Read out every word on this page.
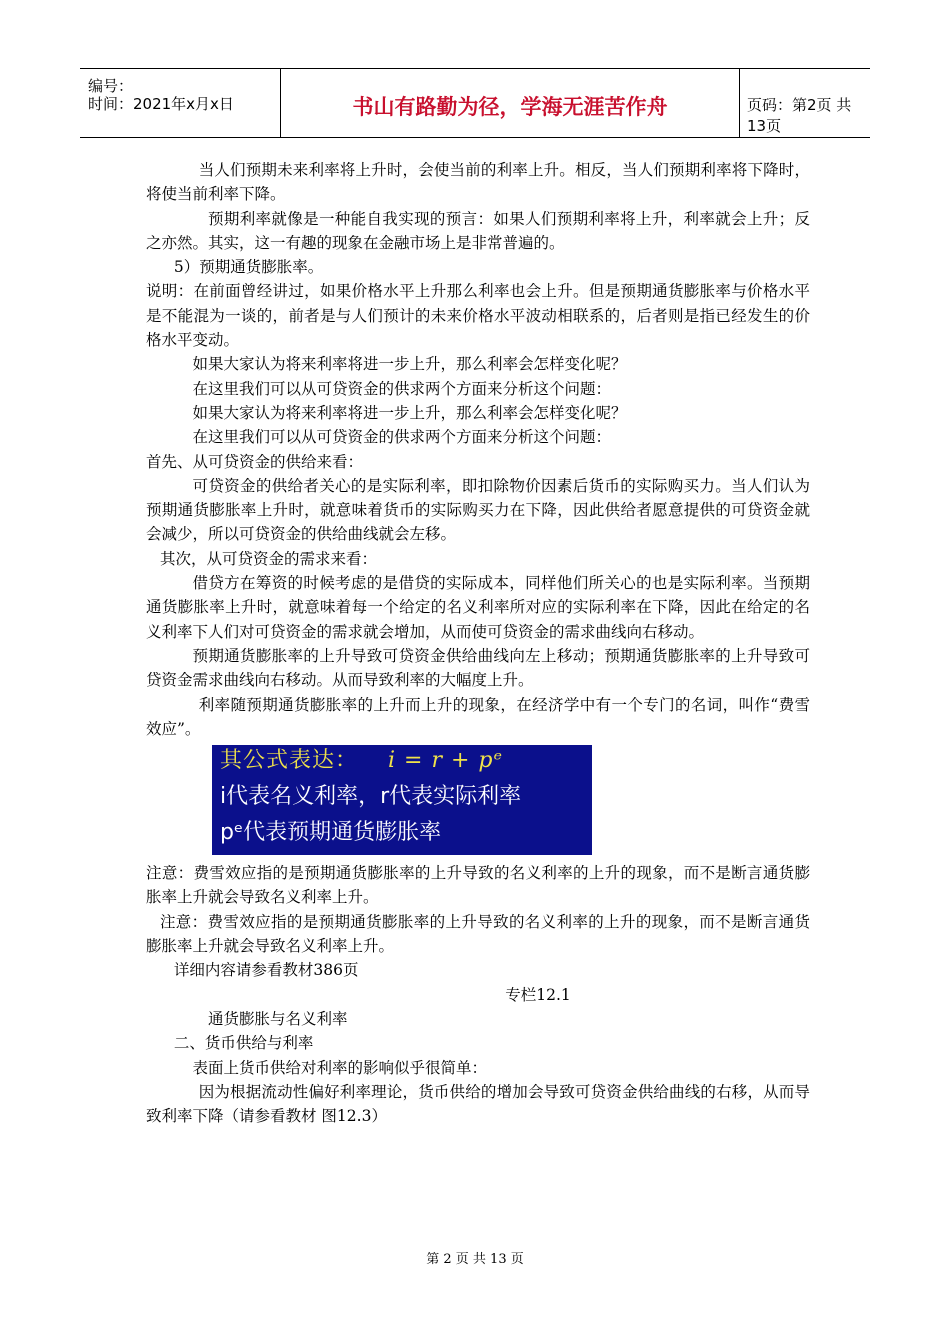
编号：
时间：2021年x月x日	书山有路勤为径，学海无涯苦作舟	页码：第2页 共13页

当人们预期未来利率将上升时，会使当前的利率上升。相反，当人们预期利率将下降时，将使当前利率下降。

预期利率就像是一种能自我实现的预言：如果人们预期利率将上升，利率就会上升；反之亦然。其实，这一有趣的现象在金融市场上是非常普遍的。

5）预期通货膨胀率。

说明：在前面曾经讲过，如果价格水平上升那么利率也会上升。但是预期通货膨胀率与价格水平是不能混为一谈的，前者是与人们预计的未来价格水平波动相联系的，后者则是指已经发生的价格水平变动。

如果大家认为将来利率将进一步上升，那么利率会怎样变化呢？

在这里我们可以从可贷资金的供求两个方面来分析这个问题：

如果大家认为将来利率将进一步上升，那么利率会怎样变化呢？

在这里我们可以从可贷资金的供求两个方面来分析这个问题：

首先、从可贷资金的供给来看：

可贷资金的供给者关心的是实际利率，即扣除物价因素后货币的实际购买力。当人们认为预期通货膨胀率上升时，就意味着货币的实际购买力在下降，因此供给者愿意提供的可贷资金就会减少，所以可贷资金的供给曲线就会左移。

其次，从可贷资金的需求来看：

借贷方在筹资的时候考虑的是借贷的实际成本，同样他们所关心的也是实际利率。当预期通货膨胀率上升时，就意味着每一个给定的名义利率所对应的实际利率在下降，因此在给定的名义利率下人们对可贷资金的需求就会增加，从而使可贷资金的需求曲线向右移动。

预期通货膨胀率的上升导致可贷资金供给曲线向左上移动；预期通货膨胀率的上升导致可贷资金需求曲线向右移动。从而导致利率的大幅度上升。

利率随预期通货膨胀率的上升而上升的现象，在经济学中有一个专门的名词，叫作“费雪效应”。

其公式表达： i = r + pᵉ
i代表名义利率，r代表实际利率
pᵉ代表预期通货膨胀率

注意：费雪效应指的是预期通货膨胀率的上升导致的名义利率的上升的现象，而不是断言通货膨胀率上升就会导致名义利率上升。

注意：费雪效应指的是预期通货膨胀率的上升导致的名义利率的上升的现象，而不是断言通货膨胀率上升就会导致名义利率上升。

详细内容请参看教材386页

专栏12.1

通货膨胀与名义利率

二、货币供给与利率

表面上货币供给对利率的影响似乎很简单：

因为根据流动性偏好利率理论，货币供给的增加会导致可贷资金供给曲线的右移，从而导致利率下降（请参看教材 图12.3）

第 2 页 共 13 页
